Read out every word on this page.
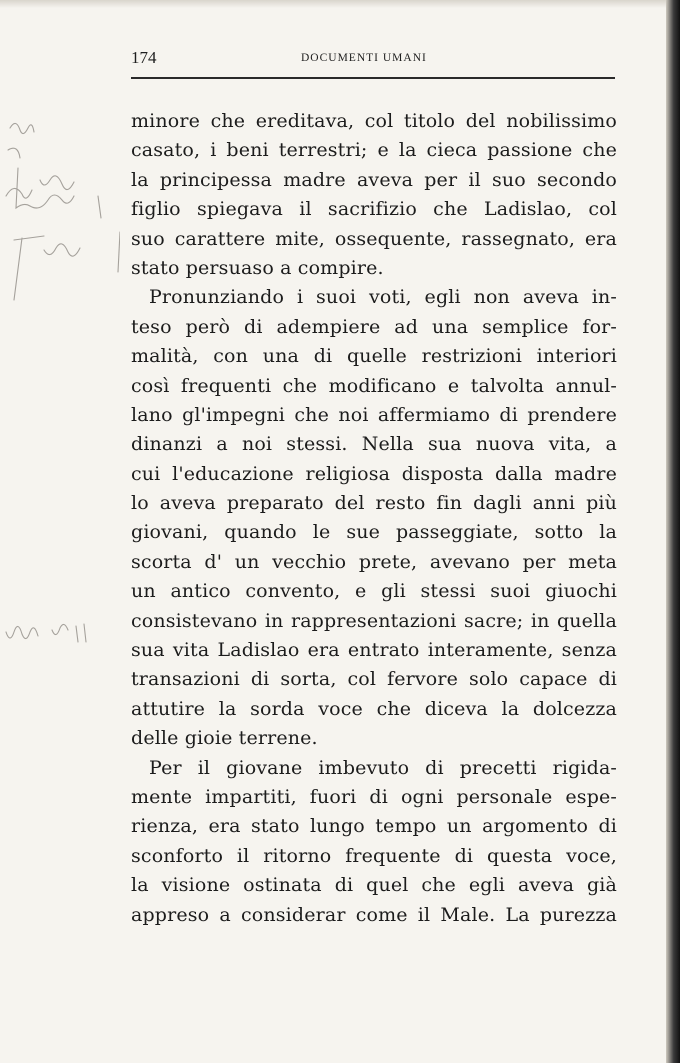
174	DOCUMENTI UMANI
minore che ereditava, col titolo del nobilissimo
casato, i beni terrestri; e la cieca passione che
la principessa madre aveva per il suo secondo
figlio spiegava il sacrifizio che Ladislao, col
suo carattere mite, ossequente, rassegnato, era
stato persuaso a compire.
Pronunziando i suoi voti, egli non aveva in-
teso però di adempiere ad una semplice for-
malità, con una di quelle restrizioni interiori
così frequenti che modificano e talvolta annul-
lano gl'impegni che noi affermiamo di prendere
dinanzi a noi stessi. Nella sua nuova vita, a
cui l'educazione religiosa disposta dalla madre
lo aveva preparato del resto fin dagli anni più
giovani, quando le sue passeggiate, sotto la
scorta d' un vecchio prete, avevano per meta
un antico convento, e gli stessi suoi giuochi
consistevano in rappresentazioni sacre; in quella
sua vita Ladislao era entrato interamente, senza
transazioni di sorta, col fervore solo capace di
attutire la sorda voce che diceva la dolcezza
delle gioie terrene.
Per il giovane imbevuto di precetti rigida-
mente impartiti, fuori di ogni personale espe-
rienza, era stato lungo tempo un argomento di
sconforto il ritorno frequente di questa voce,
la visione ostinata di quel che egli aveva già
appreso a considerar come il Male. La purezza
